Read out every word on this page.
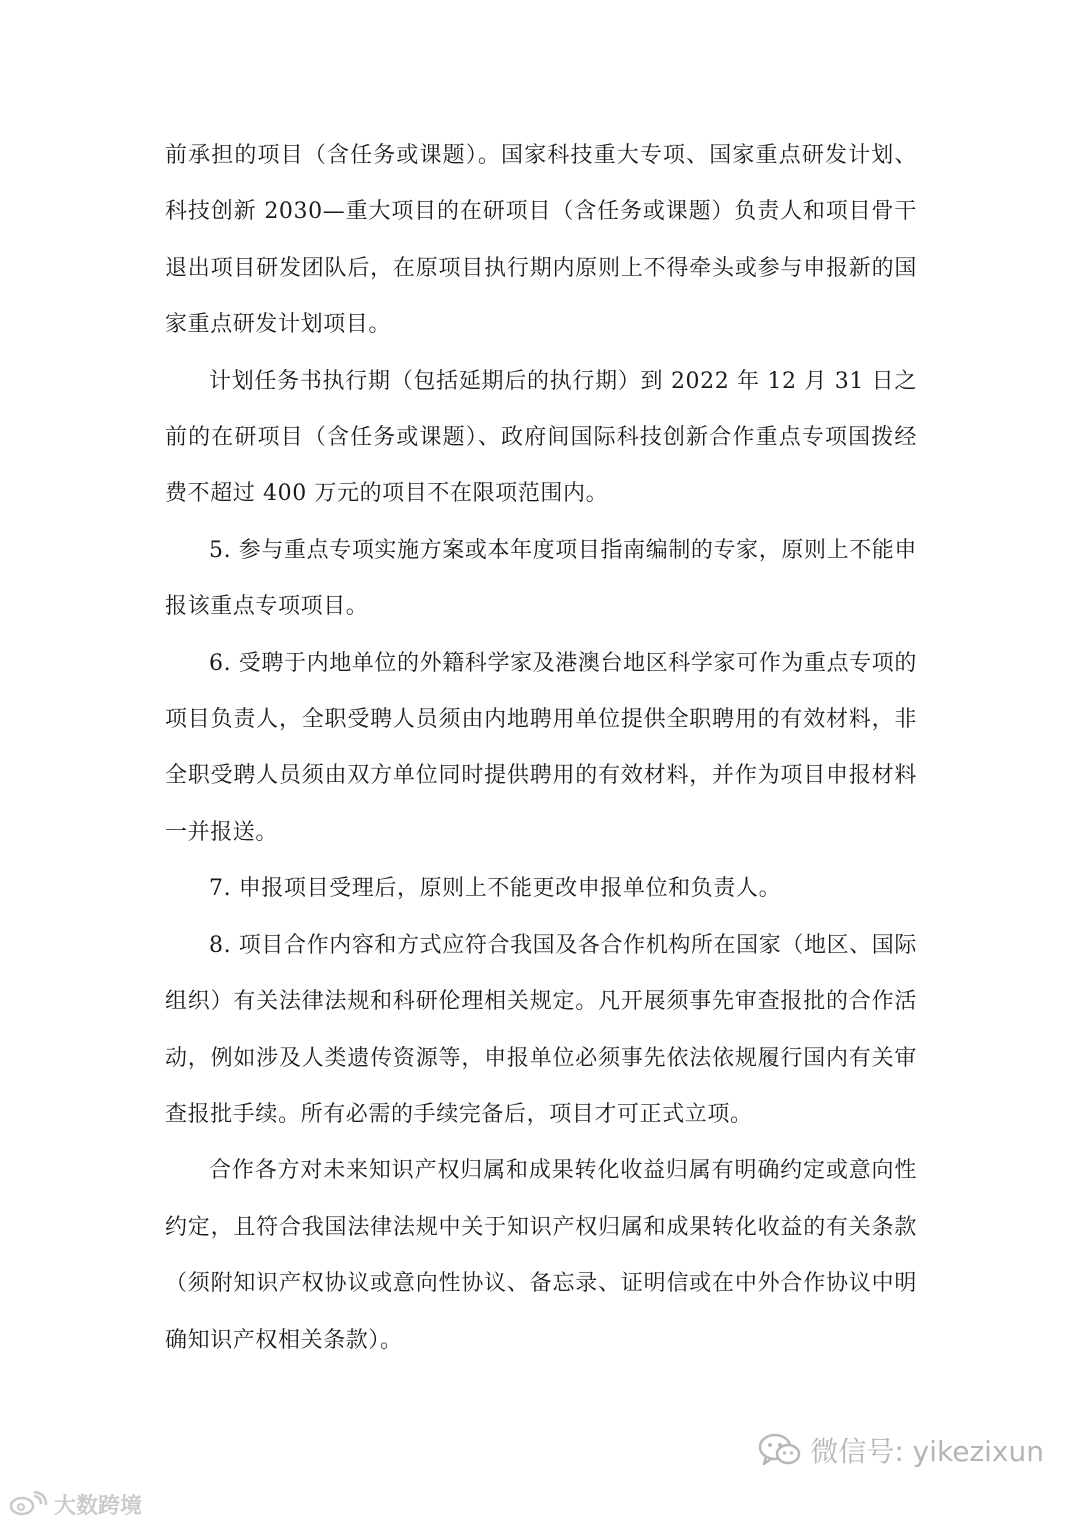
前承担的项目（含任务或课题）。国家科技重大专项、国家重点研发计划、科技创新 2030—重大项目的在研项目（含任务或课题）负责人和项目骨干退出项目研发团队后，在原项目执行期内原则上不得牵头或参与申报新的国家重点研发计划项目。

计划任务书执行期（包括延期后的执行期）到 2022 年 12 月 31 日之前的在研项目（含任务或课题）、政府间国际科技创新合作重点专项国拨经费不超过 400 万元的项目不在限项范围内。

5. 参与重点专项实施方案或本年度项目指南编制的专家，原则上不能申报该重点专项项目。

6. 受聘于内地单位的外籍科学家及港澳台地区科学家可作为重点专项的项目负责人，全职受聘人员须由内地聘用单位提供全职聘用的有效材料，非全职受聘人员须由双方单位同时提供聘用的有效材料，并作为项目申报材料一并报送。

7. 申报项目受理后，原则上不能更改申报单位和负责人。

8. 项目合作内容和方式应符合我国及各合作机构所在国家（地区、国际组织）有关法律法规和科研伦理相关规定。凡开展须事先审查报批的合作活动，例如涉及人类遗传资源等，申报单位必须事先依法依规履行国内有关审查报批手续。所有必需的手续完备后，项目才可正式立项。

合作各方对未来知识产权归属和成果转化收益归属有明确约定或意向性约定，且符合我国法律法规中关于知识产权归属和成果转化收益的有关条款（须附知识产权协议或意向性协议、备忘录、证明信或在中外合作协议中明确知识产权相关条款）。

微信号: yikezixun
大数跨境
